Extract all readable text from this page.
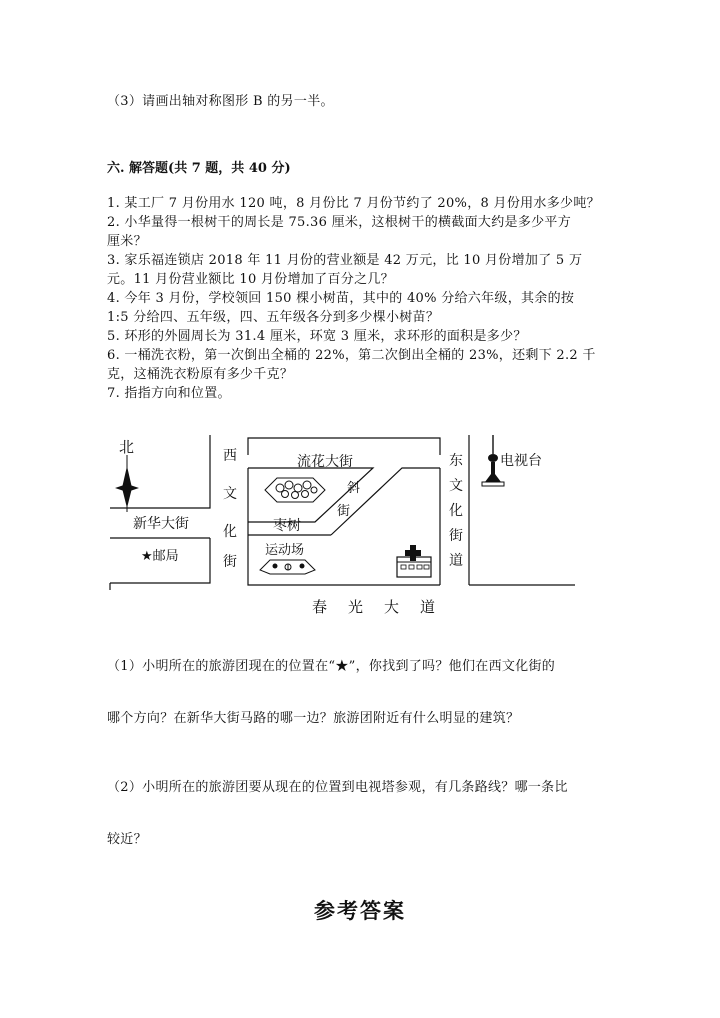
（3）请画出轴对称图形 B 的另一半。
六. 解答题(共 7 题，共 40 分)
1. 某工厂 7 月份用水 120 吨，8 月份比 7 月份节约了 20%，8 月份用水多少吨？
2. 小华量得一根树干的周长是 75.36 厘米，这根树干的横截面大约是多少平方
厘米？
3. 家乐福连锁店 2018 年 11 月份的营业额是 42 万元，比 10 月份增加了 5 万
元。11 月份营业额比 10 月份增加了百分之几？
4. 今年 3 月份，学校领回 150 棵小树苗，其中的 40% 分给六年级，其余的按
1:5 分给四、五年级，四、五年级各分到多少棵小树苗？
5. 环形的外圆周长为 31.4 厘米，环宽 3 厘米，求环形的面积是多少？
6. 一桶洗衣粉，第一次倒出全桶的 22%，第二次倒出全桶的 23%，还剩下 2.2 千
克，这桶洗衣粉原有多少千克？
7. 指指方向和位置。
北	西
文
化
街
新华大街
★邮局
流花大街
斜
街
枣树
运动场
东
文
化
街
道
电视台
春 光 大 道
（1）小明所在的旅游团现在的位置在“★”，你找到了吗？他们在西文化街的
哪个方向？在新华大街马路的哪一边？旅游团附近有什么明显的建筑？
（2）小明所在的旅游团要从现在的位置到电视塔参观，有几条路线？哪一条比
较近？
参考答案
